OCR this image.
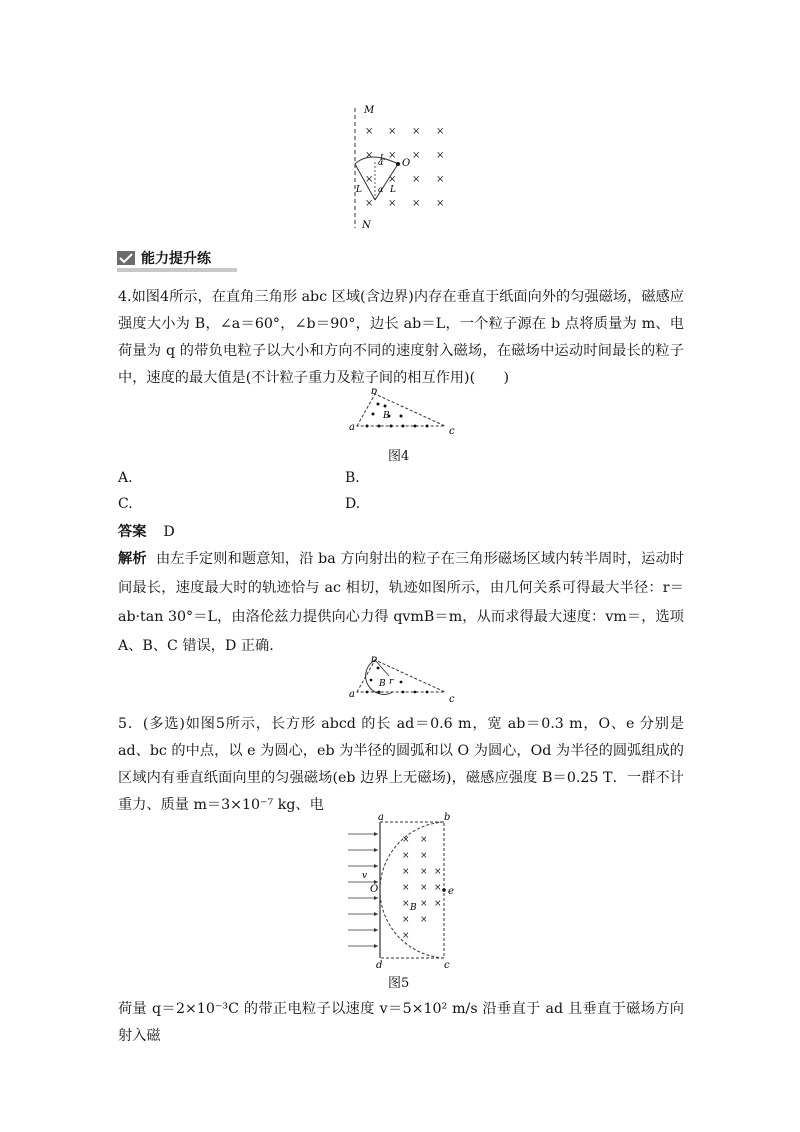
M
N
× × × ×
× × × ×
× × × ×
× × × ×
O
L
α
α L
L
能力提升练
4.如图4所示，在直角三角形 abc 区域(含边界)内存在垂直于纸面向外的匀强磁场，磁感应强度大小为 B，∠a＝60°，∠b＝90°，边长 ab＝L，一个粒子源在 b 点将质量为 m、电荷量为 q 的带负电粒子以大小和方向不同的速度射入磁场，在磁场中运动时间最长的粒子中，速度的最大值是(不计粒子重力及粒子间的相互作用)(　　)
a
b
c
B
图4
A.	B.
C.	D.
答案 D
解析 由左手定则和题意知，沿 ba 方向射出的粒子在三角形磁场区域内转半周时，运动时间最长，速度最大时的轨迹恰与 ac 相切，轨迹如图所示，由几何关系可得最大半径：r＝ab·tan 30°＝L，由洛伦兹力提供向心力得 qvmB＝m，从而求得最大速度：vm＝，选项 A、B、C 错误，D 正确.
a
b
c
B r
5．(多选)如图5所示，长方形 abcd 的长 ad＝0.6 m，宽 ab＝0.3 m，O、e 分别是 ad、bc 的中点，以 e 为圆心，eb 为半径的圆弧和以 O 为圆心，Od 为半径的圆弧组成的区域内有垂直纸面向里的匀强磁场(eb 边界上无磁场)，磁感应强度 B＝0.25 T．一群不计重力、质量 m＝3×10⁻⁷ kg、电
× ×
× ×
× × ×
× × ×
× × ×
× ×
×
a	b
c
d
O	e
B
v
图5
荷量 q＝2×10⁻³C 的带正电粒子以速度 v＝5×10² m/s 沿垂直于 ad 且垂直于磁场方向射入磁
